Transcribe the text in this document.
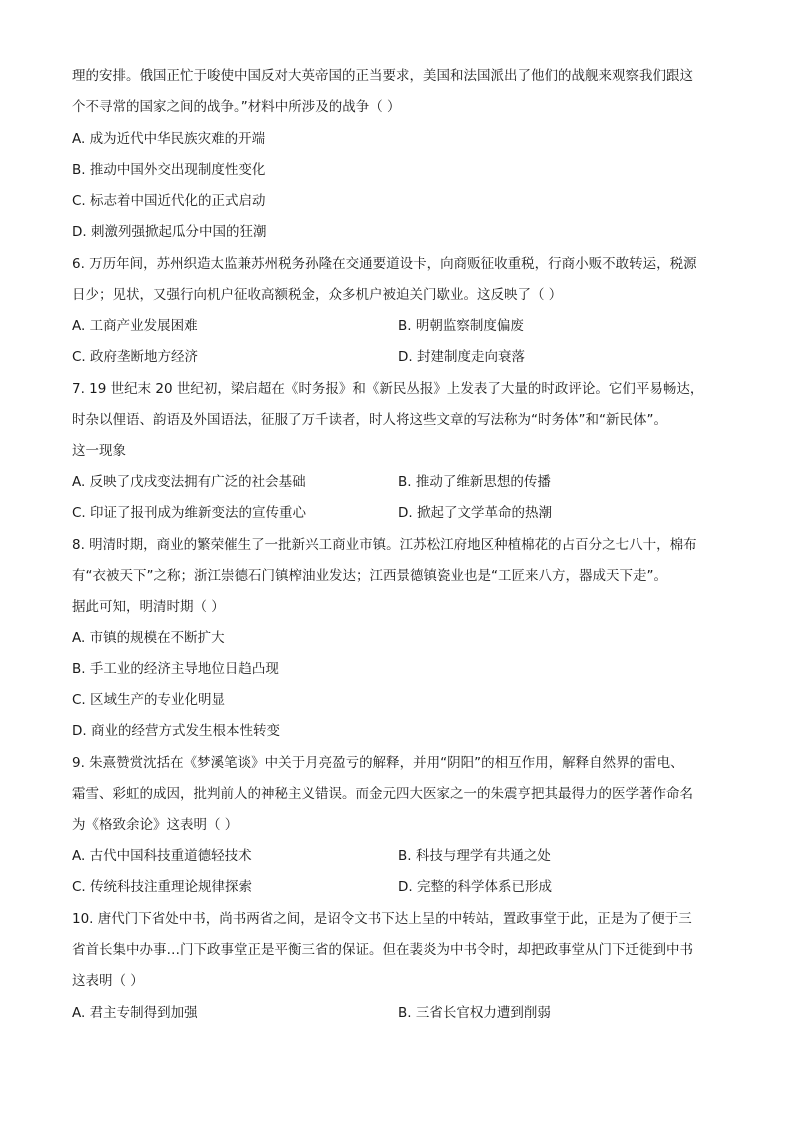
理的安排。俄国正忙于唆使中国反对大英帝国的正当要求，美国和法国派出了他们的战舰来观察我们跟这
个不寻常的国家之间的战争。”材料中所涉及的战争（ ）
A. 成为近代中华民族灾难的开端
B. 推动中国外交出现制度性变化
C. 标志着中国近代化的正式启动
D. 刺激列强掀起瓜分中国的狂潮
6. 万历年间，苏州织造太监兼苏州税务孙隆在交通要道设卡，向商贩征收重税，行商小贩不敢转运，税源
日少；见状，又强行向机户征收高额税金，众多机户被迫关门歇业。这反映了（ ）
A. 工商产业发展困难	B. 明朝监察制度偏废
C. 政府垄断地方经济	D. 封建制度走向衰落
7. 19 世纪末 20 世纪初，梁启超在《时务报》和《新民丛报》上发表了大量的时政评论。它们平易畅达，
时杂以俚语、韵语及外国语法，征服了万千读者，时人将这些文章的写法称为“时务体”和“新民体”。
这一现象
A. 反映了戊戌变法拥有广泛的社会基础	B. 推动了维新思想的传播
C. 印证了报刊成为维新变法的宣传重心	D. 掀起了文学革命的热潮
8. 明清时期，商业的繁荣催生了一批新兴工商业市镇。江苏松江府地区种植棉花的占百分之七八十，棉布
有“衣被天下”之称；浙江崇德石门镇榨油业发达；江西景德镇瓷业也是“工匠来八方，器成天下走”。
据此可知，明清时期（ ）
A. 市镇的规模在不断扩大
B. 手工业的经济主导地位日趋凸现
C. 区域生产的专业化明显
D. 商业的经营方式发生根本性转变
9. 朱熹赞赏沈括在《梦溪笔谈》中关于月亮盈亏的解释，并用“阴阳”的相互作用，解释自然界的雷电、
霜雪、彩虹的成因，批判前人的神秘主义错误。而金元四大医家之一的朱震亨把其最得力的医学著作命名
为《格致余论》这表明（ ）
A. 古代中国科技重道德轻技术	B. 科技与理学有共通之处
C. 传统科技注重理论规律探索	D. 完整的科学体系已形成
10. 唐代门下省处中书，尚书两省之间，是诏令文书下达上呈的中转站，置政事堂于此，正是为了便于三
省首长集中办事…门下政事堂正是平衡三省的保证。但在裴炎为中书令时，却把政事堂从门下迁徙到中书
这表明（ ）
A. 君主专制得到加强	B. 三省长官权力遭到削弱
